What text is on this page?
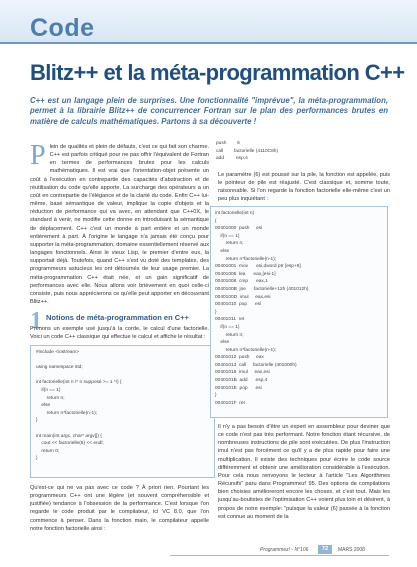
Code
Blitz++ et la méta-programmation C++
C++ est un langage plein de surprises. Une fonctionnalité "imprévue", la méta-programmation, permet à la librairie Blitz++ de concurrencer Fortran sur le plan des performances brutes en matière de calculs mathématiques. Partons à sa découverte !
Plein de qualités et plein de défauts, c'est ce qui fait son charme. C++ est parfois critiqué pour ne pas offrir l'équivalent de Fortran en termes de performances brutes pour les calculs mathématiques. Il est vrai que l'orientation-objet présente un coût à l'exécution en contrepartie des capacités d'abstraction et de réutilisation du code qu'elle apporte. La surcharge des opérateurs a un coût en contrepartie de l'élégance et de la clarté du code. Enfin C++ lui-même, basé sémantique de valeur, implique la copie d'objets et la réduction de performance qui va avec, en attendant que C++0X, le standard à venir, ne modifie cette donne en introduisant la sémantique de déplacement. C++ c'est un monde à part entière et un monde entièrement à part. À l'origine le langage n'a jamais été conçu pour supporter la méta-programmation, domaine essentiellement réservé aux langages fonctionnels. Ainsi le vieux Lisp, le premier d'entre eux, la supportait déjà. Toutefois, quand C++ s'est vu doté des templates, des programmeurs astucieux les ont détournés de leur usage premier. La méta-programmation C++ était née, et un gain significatif de performances avec elle. Nous allons voir brièvement en quoi celle-ci consiste, puis nous apprécierons ce qu'elle peut apporter en découvrant Blitz++.
1 Notions de méta-programmation en C++
Prenons un exemple usé jusqu'à la corde, le calcul d'une factorielle. Voici un code C++ classique qui effectue le calcul et affiche le résultat :
#include <iostream>

using namespace std;

int factorielle(int n /* n supposé >= 1 */) {
if(n == 1)
return n;
else
return n*factorielle(n-1);
}

int main(int argc, char* argv[]) {
cout << factorielle(6) << endl;
return 0;
}
Qu'est-ce qui ne va pas avec ce code ? À priori rien. Pourtant les programmeurs C++ ont une légère (et souvent compréhensible et justifiée) tendance à l'obsession de la performance. C'est lorsque l'on regarde le code produit par le compilateur, ici VC 8.0, que l'on commence à penser. Dans la fonction main, le compilateur appelle notre fonction factorielle ainsi :
push        6
call        factorielle (4110C8h)
add         esp,4
Le paramètre (6) est poussé sur la pile, la fonction est appelée, puis le pointeur de pile est réajusté. C'est classique et, somme toute, raisonnable. Si l'on regarde la fonction factorielle elle-même c'est un peu plus inquiétant :
int factorielle(int n)
{
00401000  push     esi
if(n == 1)
return n;
else
return n*factorielle(n-1);
00401001  mov      esi,dword ptr [esp+8]
00401005  lea      eax,[esi-1]
00401008  cmp      eax,1
0040100B  jne      factorielle+12h (401012h)
0040100D  imul     eax,esi
00401010  pop      esi
}
00401011  ret
if(n == 1)
return n;
else
return n*factorielle(n-1);
00401012  push     eax
00401013  call     factorielle (401000h)
00401018  imul     eax,esi
0040101B  add      esp,4
0040101E  pop      esi
}
0040101F  ret
Il n'y a pas besoin d'être un expert en assembleur pour deviner que ce code n'est pas très performant. Notre fonction étant récursive, de nombreuses instructions de pile sont exécutées. De plus l'instruction imul n'est pas forcément ce qu'il y a de plus rapide pour faire une multiplication. Il existe des techniques pour écrire le code source différemment et obtenir une amélioration considérable à l'exécution. Pour cela nous renvoyons le lecteur à l'article "Les Algorithmes Récursifs" paru dans Programmez! 95. Des options de compilations bien choisies amélioreront encore les choses, et c'est tout. Mais les jusqu'au-boutistes de l'optimisation C++ voient plus loin et désirent, à propos de notre exemple: "puisque la valeur (6) passée à la fonction est connue au moment de la
Programmez! - N°106	72	MARS 2008
